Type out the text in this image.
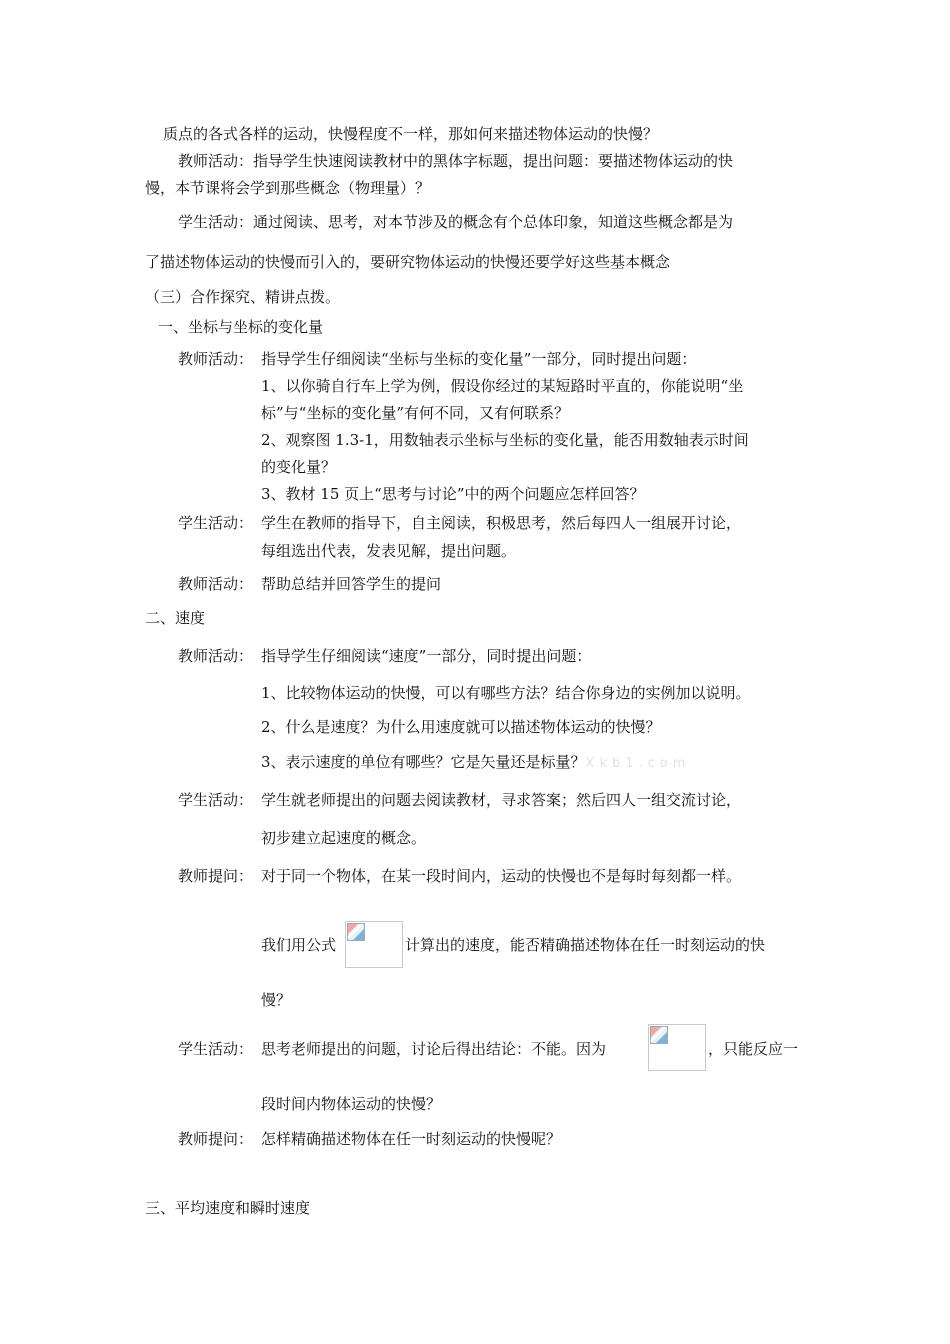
质点的各式各样的运动，快慢程度不一样，那如何来描述物体运动的快慢？
教师活动：指导学生快速阅读教材中的黑体字标题，提出问题：要描述物体运动的快
慢，本节课将会学到那些概念（物理量）？
学生活动：通过阅读、思考，对本节涉及的概念有个总体印象，知道这些概念都是为
了描述物体运动的快慢而引入的，要研究物体运动的快慢还要学好这些基本概念
（三）合作探究、精讲点拨。
一、坐标与坐标的变化量
教师活动： 指导学生仔细阅读“坐标与坐标的变化量”一部分，同时提出问题：
1、以你骑自行车上学为例，假设你经过的某短路时平直的，你能说明“坐
标”与“坐标的变化量”有何不同，又有何联系？
2、观察图 1.3-1，用数轴表示坐标与坐标的变化量，能否用数轴表示时间
的变化量？
3、教材 15 页上“思考与讨论”中的两个问题应怎样回答？
学生活动： 学生在教师的指导下，自主阅读，积极思考，然后每四人一组展开讨论，
每组选出代表，发表见解，提出问题。
教师活动： 帮助总结并回答学生的提问
二、速度
教师活动： 指导学生仔细阅读“速度”一部分，同时提出问题：
1、比较物体运动的快慢，可以有哪些方法？结合你身边的实例加以说明。
2、什么是速度？为什么用速度就可以描述物体运动的快慢？
3、表示速度的单位有哪些？它是矢量还是标量？Xkb1.com
学生活动： 学生就老师提出的问题去阅读教材，寻求答案；然后四人一组交流讨论，
初步建立起速度的概念。
教师提问： 对于同一个物体，在某一段时间内，运动的快慢也不是每时每刻都一样。
我们用公式	计算出的速度，能否精确描述物体在任一时刻运动的快
慢？
学生活动： 思考老师提出的问题，讨论后得出结论：不能。因为	，只能反应一
段时间内物体运动的快慢？
教师提问： 怎样精确描述物体在任一时刻运动的快慢呢？
三、平均速度和瞬时速度
